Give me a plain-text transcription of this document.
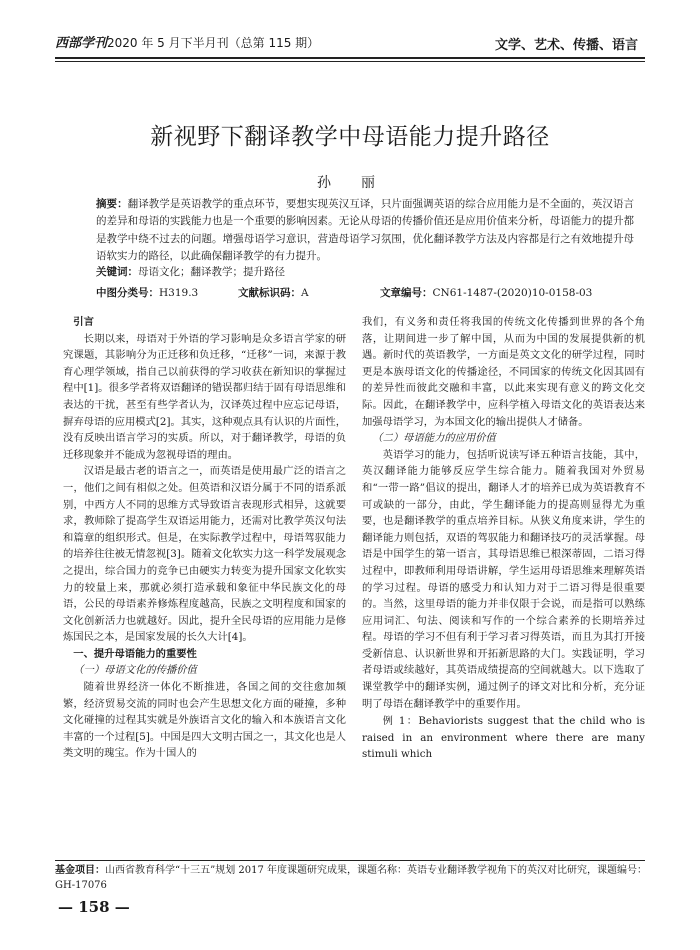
西部学刊2020 年 5 月下半月刊（总第 115 期）	文学、艺术、传播、语言
新视野下翻译教学中母语能力提升路径
孙　丽
摘要：翻译教学是英语教学的重点环节，要想实现英汉互译，只片面强调英语的综合应用能力是不全面的，英汉语言的差异和母语的实践能力也是一个重要的影响因素。无论从母语的传播价值还是应用价值来分析，母语能力的提升都是教学中绕不过去的问题。增强母语学习意识，营造母语学习氛围，优化翻译教学方法及内容都是行之有效地提升母语软实力的路径，以此确保翻译教学的有力提升。
关键词：母语文化；翻译教学；提升路径
中图分类号：H319.3	文献标识码：A	文章编号：CN61-1487-(2020)10-0158-03

引言

长期以来，母语对于外语的学习影响是众多语言学家的研究课题，其影响分为正迁移和负迁移，“迁移”一词，来源于教育心理学领域，指自己以前获得的学习收获在新知识的掌握过程中[1]。很多学者将双语翻译的错误都归结于固有母语思维和表达的干扰，甚至有些学者认为，汉译英过程中应忘记母语，摒弃母语的应用模式[2]。其实，这种观点具有认识的片面性，没有反映出语言学习的实质。所以，对于翻译教学，母语的负迁移现象并不能成为忽视母语的理由。

汉语是最古老的语言之一，而英语是使用最广泛的语言之一，他们之间有相似之处。但英语和汉语分属于不同的语系派别，中西方人不同的思维方式导致语言表现形式相异，这就要求，教师除了提高学生双语运用能力，还需对比教学英汉句法和篇章的组织形式。但是，在实际教学过程中，母语驾驭能力的培养往往被无情忽视[3]。随着文化软实力这一科学发展观念之提出，综合国力的竞争已由硬实力转变为提升国家文化软实力的较量上来，那就必须打造承载和象征中华民族文化的母语，公民的母语素养修炼程度越高，民族之文明程度和国家的文化创新活力也就越好。因此，提升全民母语的应用能力是修炼国民之本，是国家发展的长久大计[4]。

一、提升母语能力的重要性

（一）母语文化的传播价值

随着世界经济一体化不断推进，各国之间的交往愈加频繁，经济贸易交流的同时也会产生思想文化方面的碰撞，多种文化碰撞的过程其实就是外族语言文化的输入和本族语言文化丰富的一个过程[5]。中国是四大文明古国之一，其文化也是人类文明的瑰宝。作为十国人的

我们，有义务和责任将我国的传统文化传播到世界的各个角落，让期间进一步了解中国，从而为中国的发展提供新的机遇。新时代的英语教学，一方面是英文文化的研学过程，同时更是本族母语文化的传播途径，不同国家的传统文化因其固有的差异性而彼此交融和丰富，以此来实现有意义的跨文化交际。因此，在翻译教学中，应科学植入母语文化的英语表达来加强母语学习，为本国文化的输出提供人才储备。

（二）母语能力的应用价值

英语学习的能力，包括听说读写译五种语言技能，其中，英汉翻译能力能够反应学生综合能力。随着我国对外贸易和“一带一路”倡议的提出，翻译人才的培养已成为英语教育不可或缺的一部分，由此，学生翻译能力的提高则显得尤为重要，也是翻译教学的重点培养目标。从狭义角度来讲，学生的翻译能力则包括，双语的驾驭能力和翻译技巧的灵活掌握。母语是中国学生的第一语言，其母语思维已根深蒂固，二语习得过程中，即教师利用母语讲解，学生运用母语思维来理解英语的学习过程。母语的感受力和认知力对于二语习得是很重要的。当然，这里母语的能力并非仅限于会说，而是指可以熟练应用词汇、句法、阅读和写作的一个综合素养的长期培养过程。母语的学习不但有利于学习者习得英语，而且为其打开接受新信息、认识新世界和开拓新思路的大门。实践证明，学习者母语或续越好，其英语成绩提高的空间就越大。以下选取了课堂教学中的翻译实例，通过例子的译文对比和分析，充分证明了母语在翻译教学中的重要作用。

例 1：Behaviorists suggest that the child who is raised in an environment where there are many stimuli which

基金项目：山西省教育科学“十三五”规划 2017 年度课题研究成果，课题名称：英语专业翻译教学视角下的英汉对比研究，课题编号：GH-17076
— 158 —
